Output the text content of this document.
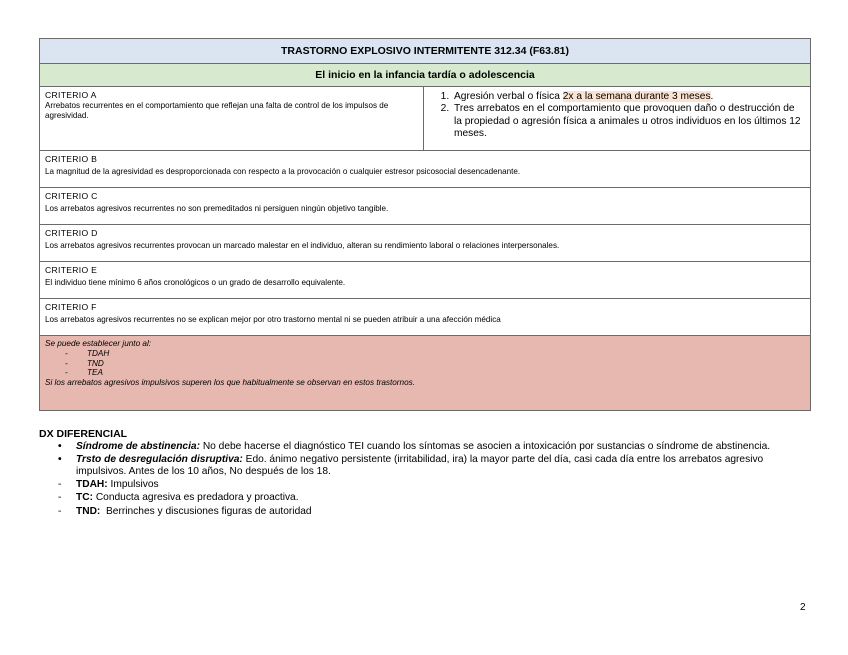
TRASTORNO EXPLOSIVO INTERMITENTE 312.34 (F63.81)
El inicio en la infancia tardía o adolescencia

CRITERIO A
Arrebatos recurrentes en el comportamiento que reflejan una falta de control de los impulsos de agresividad.	
1. Agresión verbal o física 2x a la semana durante 3 meses.
2. Tres arrebatos en el comportamiento que provoquen daño o destrucción de la propiedad o agresión física a animales u otros individuos en los últimos 12 meses.

CRITERIO B
La magnitud de la agresividad es desproporcionada con respecto a la provocación o cualquier estresor psicosocial desencadenante.

CRITERIO C
Los arrebatos agresivos recurrentes no son premeditados ni persiguen ningún objetivo tangible.

CRITERIO D
Los arrebatos agresivos recurrentes provocan un marcado malestar en el individuo, alteran su rendimiento laboral o relaciones interpersonales.

CRITERIO E
El individuo tiene mínimo 6 años cronológicos o un grado de desarrollo equivalente.

CRITERIO F
Los arrebatos agresivos recurrentes no se explican mejor por otro trastorno mental ni se pueden atribuir a una afección médica

Se puede establecer junto al:
- TDAH
- TND
- TEA
Si los arrebatos agresivos impulsivos superen los que habitualmente se observan en estos trastornos.
DX DIFERENCIAL
• Síndrome de abstinencia: No debe hacerse el diagnóstico TEI cuando los síntomas se asocien a intoxicación por sustancias o síndrome de abstinencia.
• Trsto de desregulación disruptiva: Edo. ánimo negativo persistente (irritabilidad, ira) la mayor parte del día, casi cada día entre los arrebatos agresivo impulsivos. Antes de los 10 años, No después de los 18.
- TDAH: Impulsivos
- TC: Conducta agresiva es predadora y proactiva.
- TND:  Berrinches y discusiones figuras de autoridad
2
